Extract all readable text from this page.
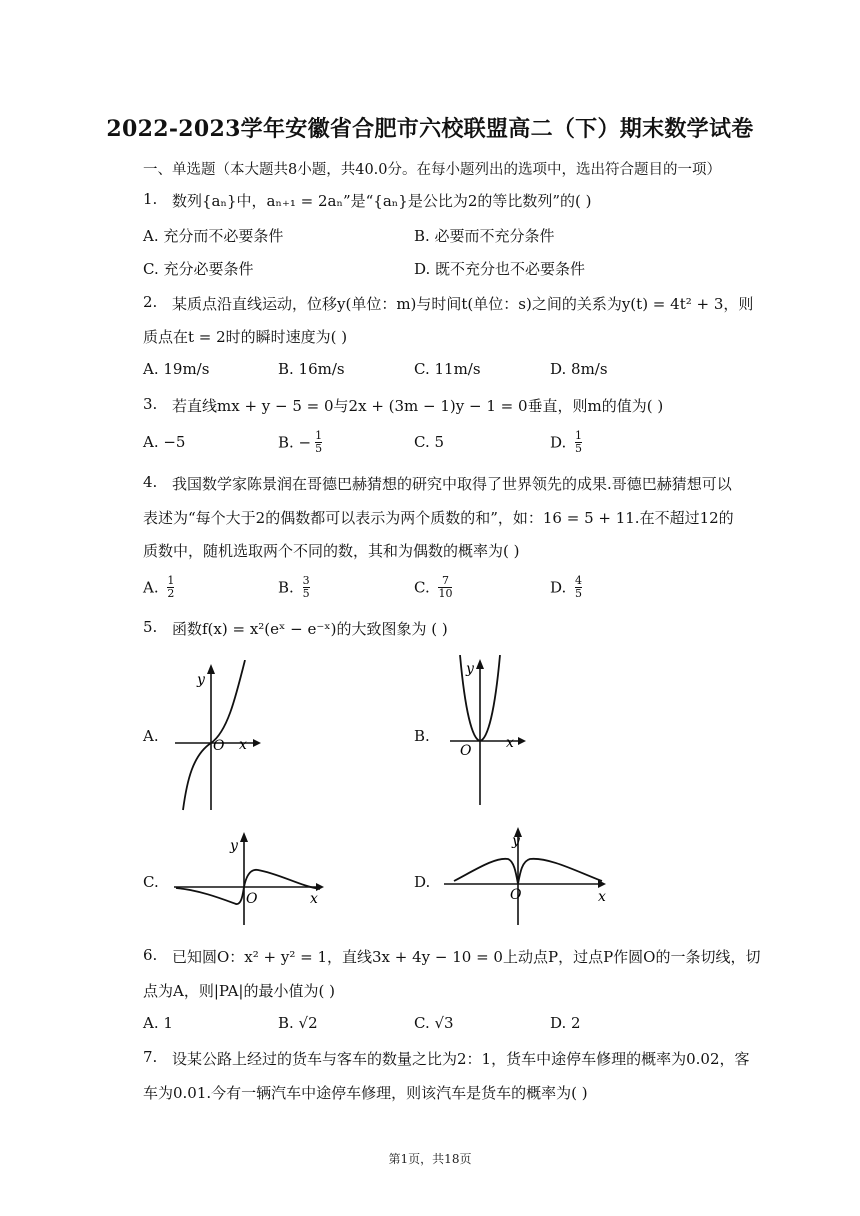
2022-2023学年安徽省合肥市六校联盟高二（下）期末数学试卷
一、单选题（本大题共8小题，共40.0分。在每小题列出的选项中，选出符合题目的一项）
1. 数列{aₙ}中，aₙ₊₁ = 2aₙ”是“{aₙ}是公比为2的等比数列”的( )
A. 充分而不必要条件	B. 必要而不充分条件
C. 充分必要条件	D. 既不充分也不必要条件
2. 某质点沿直线运动，位移y(单位：m)与时间t(单位：s)之间的关系为y(t) = 4t² + 3，则
质点在t = 2时的瞬时速度为( )
A. 19m/s	B. 16m/s	C. 11m/s	D. 8m/s
3. 若直线mx + y − 5 = 0与2x + (3m − 1)y − 1 = 0垂直，则m的值为( )
A. −5	B. − $\frac{1}{5}$	C. 5	D. $\frac{1}{5}$
4. 我国数学家陈景润在哥德巴赫猜想的研究中取得了世界领先的成果.哥德巴赫猜想可以
表述为“每个大于2的偶数都可以表示为两个质数的和”，如：16 = 5 + 11.在不超过12的
质数中，随机选取两个不同的数，其和为偶数的概率为( )
A. $\frac{1}{2}$	B. $\frac{3}{5}$	C. $\frac{7}{10}$	D. $\frac{4}{5}$
5. 函数f(x) = x²(eˣ − e⁻ˣ)的大致图象为 ( )
A.	B.
C.	D.
y
x
O
y
x
O
y
x
O
y
x
O
6. 已知圆O：x² + y² = 1，直线3x + 4y − 10 = 0上动点P，过点P作圆O的一条切线，切
点为A，则|PA|的最小值为( )
A. 1	B. √2	C. √3	D. 2
7. 设某公路上经过的货车与客车的数量之比为2：1，货车中途停车修理的概率为0.02，客
车为0.01.今有一辆汽车中途停车修理，则该汽车是货车的概率为( )
第1页，共18页
